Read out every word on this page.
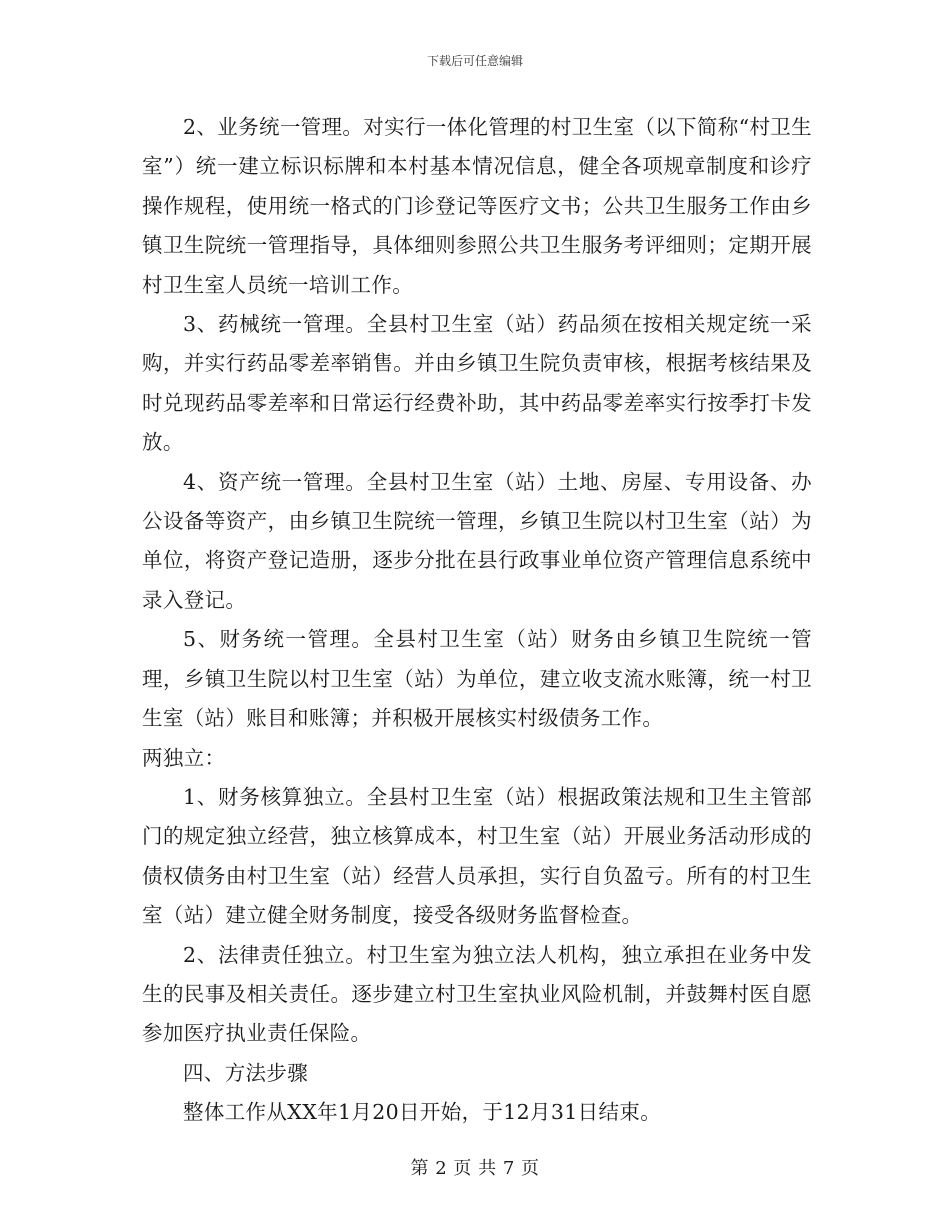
下载后可任意编辑

2、业务统一管理。对实行一体化管理的村卫生室（以下简称“村卫生室”）统一建立标识标牌和本村基本情况信息，健全各项规章制度和诊疗操作规程，使用统一格式的门诊登记等医疗文书；公共卫生服务工作由乡镇卫生院统一管理指导，具体细则参照公共卫生服务考评细则；定期开展村卫生室人员统一培训工作。

3、药械统一管理。全县村卫生室（站）药品须在按相关规定统一采购，并实行药品零差率销售。并由乡镇卫生院负责审核，根据考核结果及时兑现药品零差率和日常运行经费补助，其中药品零差率实行按季打卡发放。

4、资产统一管理。全县村卫生室（站）土地、房屋、专用设备、办公设备等资产，由乡镇卫生院统一管理，乡镇卫生院以村卫生室（站）为单位，将资产登记造册，逐步分批在县行政事业单位资产管理信息系统中录入登记。

5、财务统一管理。全县村卫生室（站）财务由乡镇卫生院统一管理，乡镇卫生院以村卫生室（站）为单位，建立收支流水账簿，统一村卫生室（站）账目和账簿；并积极开展核实村级债务工作。

两独立：

1、财务核算独立。全县村卫生室（站）根据政策法规和卫生主管部门的规定独立经营，独立核算成本，村卫生室（站）开展业务活动形成的债权债务由村卫生室（站）经营人员承担，实行自负盈亏。所有的村卫生室（站）建立健全财务制度，接受各级财务监督检查。

2、法律责任独立。村卫生室为独立法人机构，独立承担在业务中发生的民事及相关责任。逐步建立村卫生室执业风险机制，并鼓舞村医自愿参加医疗执业责任保险。

四、方法步骤

整体工作从XX年1月20日开始，于12月31日结束。

第 2 页 共 7 页
